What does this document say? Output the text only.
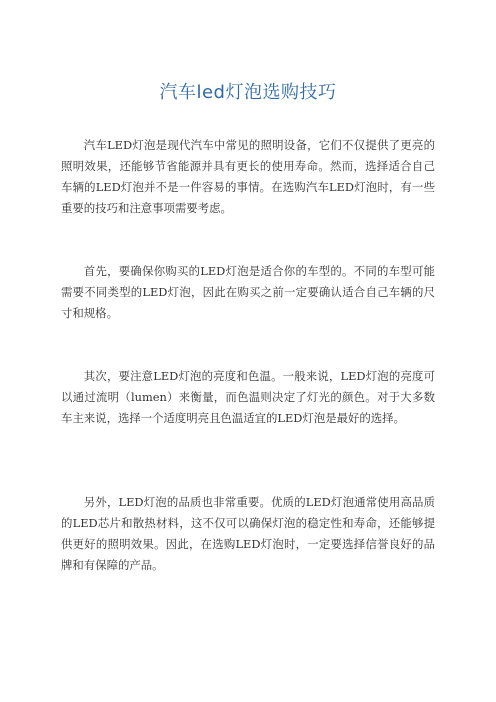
汽车led灯泡选购技巧

汽车LED灯泡是现代汽车中常见的照明设备，它们不仅提供了更亮的照明效果，还能够节省能源并具有更长的使用寿命。然而，选择适合自己车辆的LED灯泡并不是一件容易的事情。在选购汽车LED灯泡时，有一些重要的技巧和注意事项需要考虑。

首先，要确保你购买的LED灯泡是适合你的车型的。不同的车型可能需要不同类型的LED灯泡，因此在购买之前一定要确认适合自己车辆的尺寸和规格。

其次，要注意LED灯泡的亮度和色温。一般来说，LED灯泡的亮度可以通过流明（lumen）来衡量，而色温则决定了灯光的颜色。对于大多数车主来说，选择一个适度明亮且色温适宜的LED灯泡是最好的选择。

另外，LED灯泡的品质也非常重要。优质的LED灯泡通常使用高品质的LED芯片和散热材料，这不仅可以确保灯泡的稳定性和寿命，还能够提供更好的照明效果。因此，在选购LED灯泡时，一定要选择信誉良好的品牌和有保障的产品。
